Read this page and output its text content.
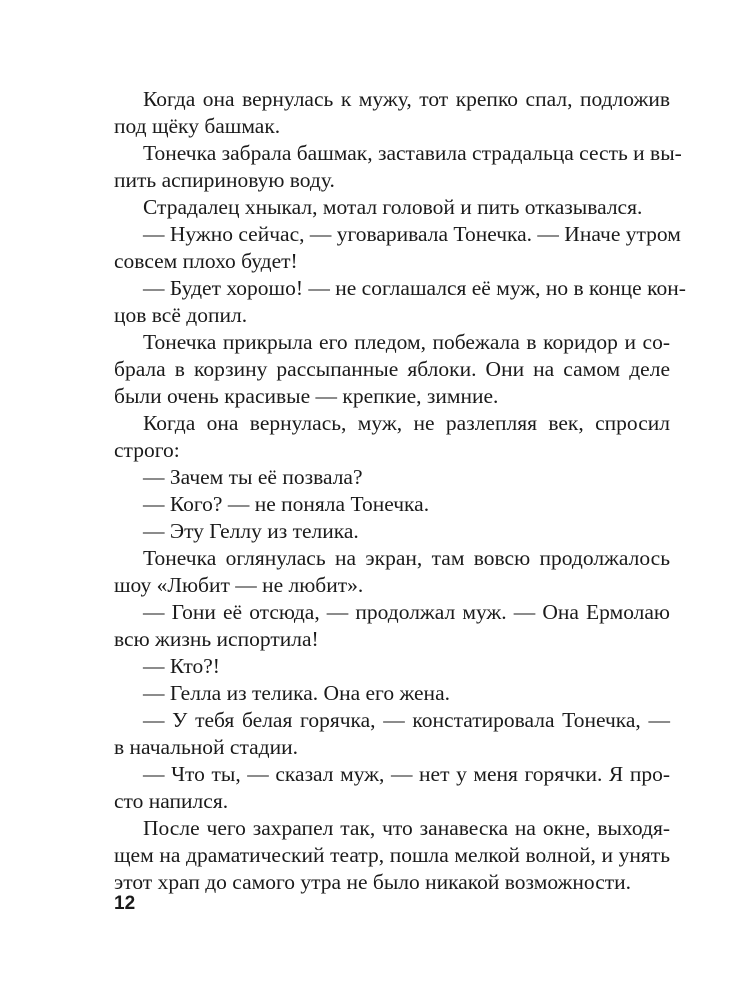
Когда она вернулась к мужу, тот крепко спал, подложив
под щёку башмак.
Тонечка забрала башмак, заставила страдальца сесть и вы-
пить аспириновую воду.
Страдалец хныкал, мотал головой и пить отказывался.
— Нужно сейчас, — уговаривала Тонечка. — Иначе утром
совсем плохо будет!
— Будет хорошо! — не соглашался её муж, но в конце кон-
цов всё допил.
Тонечка прикрыла его пледом, побежала в коридор и со-
брала в корзину рассыпанные яблоки. Они на самом деле
были очень красивые — крепкие, зимние.
Когда она вернулась, муж, не разлепляя век, спросил
строго:
— Зачем ты её позвала?
— Кого? — не поняла Тонечка.
— Эту Геллу из телика.
Тонечка оглянулась на экран, там вовсю продолжалось
шоу «Любит — не любит».
— Гони её отсюда, — продолжал муж. — Она Ермолаю
всю жизнь испортила!
— Кто?!
— Гелла из телика. Она его жена.
— У тебя белая горячка, — констатировала Тонечка, —
в начальной стадии.
— Что ты, — сказал муж, — нет у меня горячки. Я про-
сто напился.
После чего захрапел так, что занавеска на окне, выходя-
щем на драматический театр, пошла мелкой волной, и унять
этот храп до самого утра не было никакой возможности.
12
